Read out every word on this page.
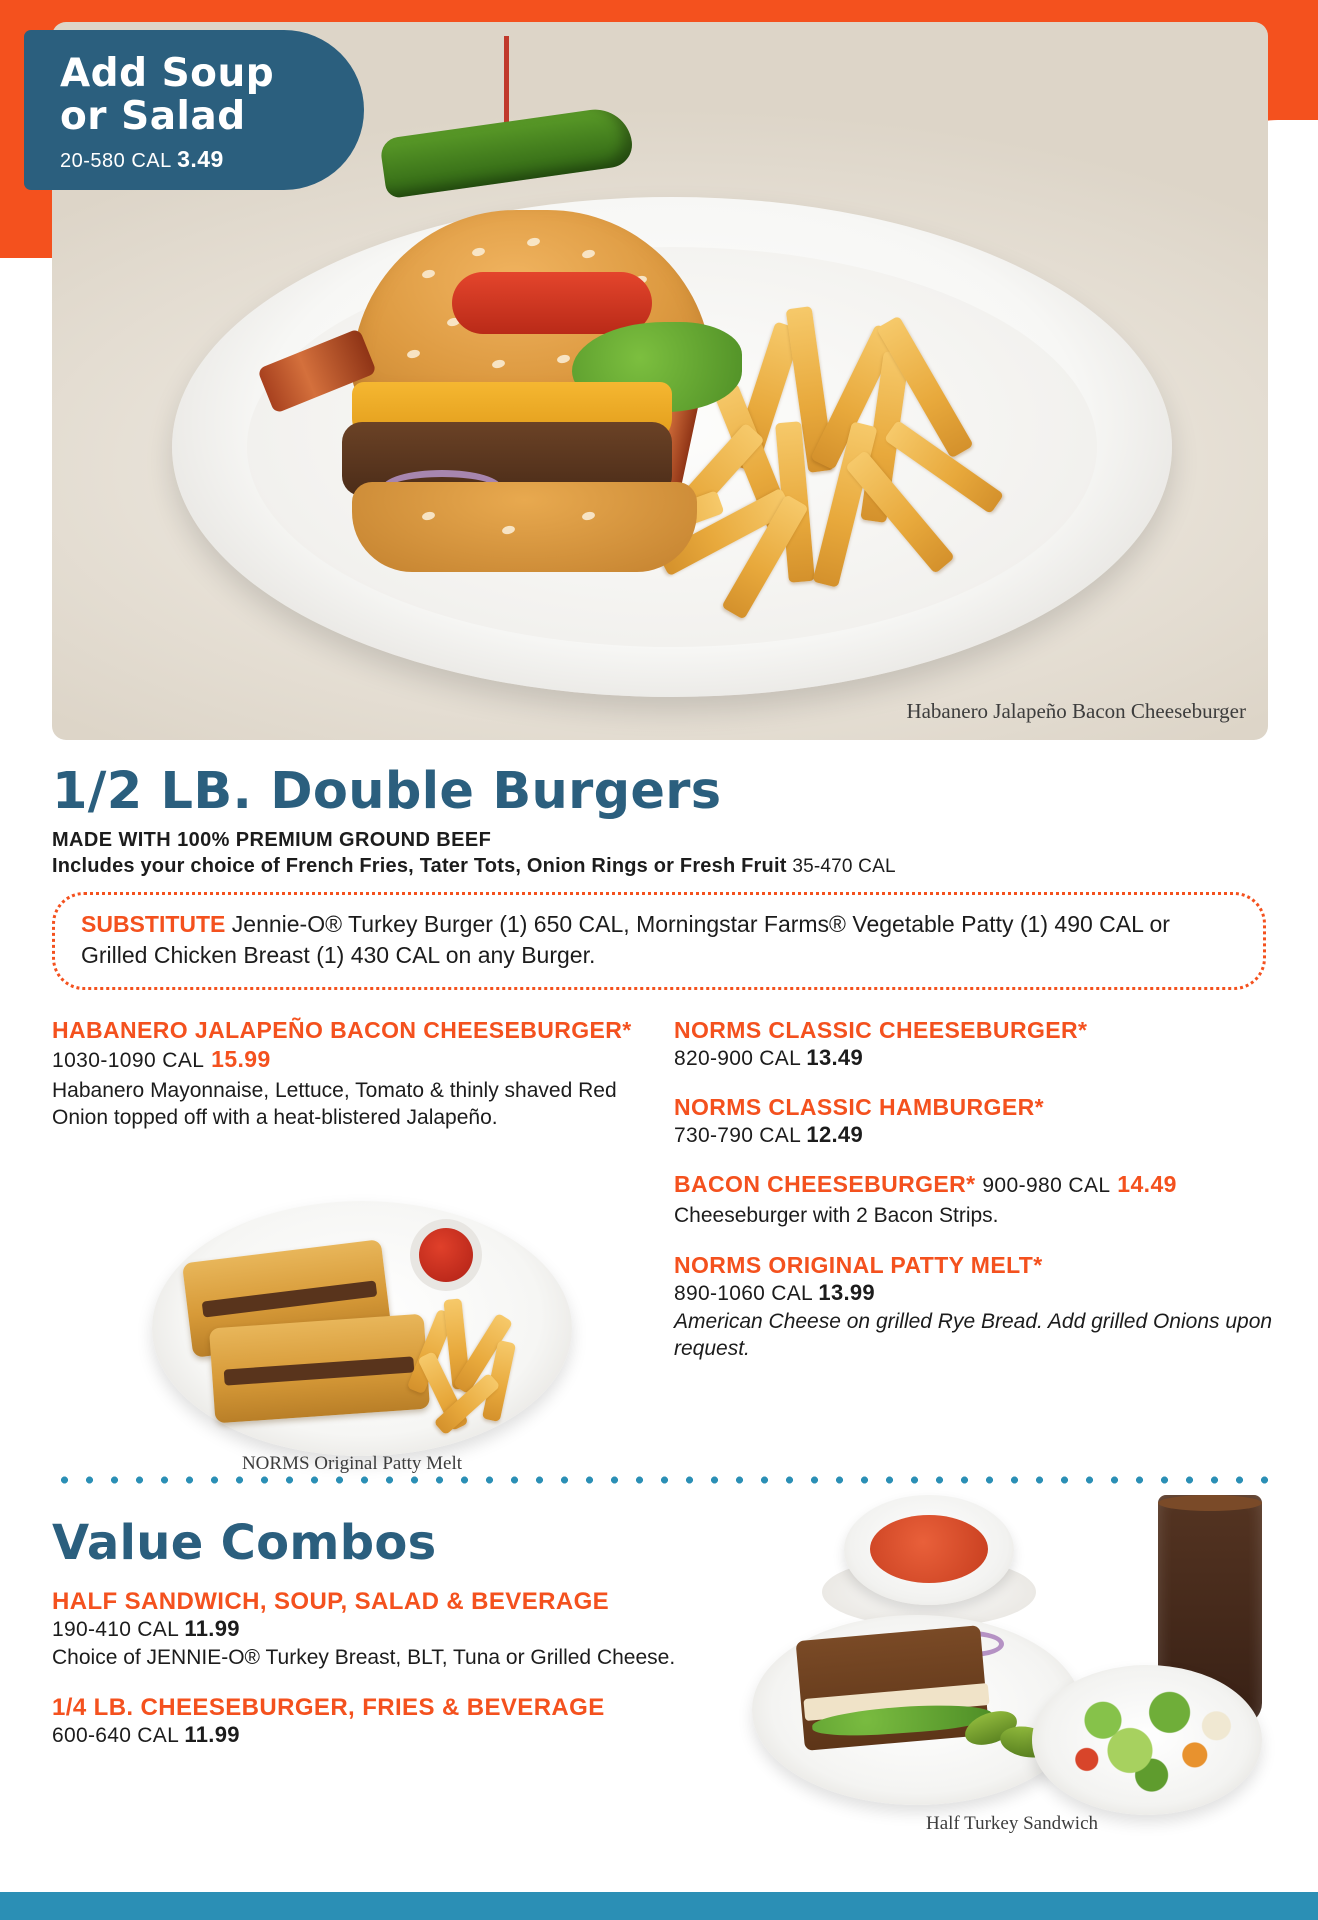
Habanero Jalapeño Bacon Cheeseburger
Add Soup
or Salad
20-580 CAL 3.49
1/2 LB. Double Burgers
MADE WITH 100% PREMIUM GROUND BEEF
Includes your choice of French Fries, Tater Tots, Onion Rings or Fresh Fruit 35-470 CAL
SUBSTITUTE Jennie-O® Turkey Burger (1) 650 CAL, Morningstar Farms® Vegetable Patty (1) 490 CAL or Grilled Chicken Breast (1) 430 CAL on any Burger.
HABANERO JALAPEÑO BACON CHEESEBURGER* 1030-1090 CAL 15.99
Habanero Mayonnaise, Lettuce, Tomato & thinly shaved Red Onion topped off with a heat-blistered Jalapeño.
NORMS Original Patty Melt
NORMS CLASSIC CHEESEBURGER*
820-900 CAL 13.49
NORMS CLASSIC HAMBURGER*
730-790 CAL 12.49
BACON CHEESEBURGER* 900-980 CAL 14.49
Cheeseburger with 2 Bacon Strips.
NORMS ORIGINAL PATTY MELT*
890-1060 CAL 13.99
American Cheese on grilled Rye Bread. Add grilled Onions upon request.
Value Combos
HALF SANDWICH, SOUP, SALAD & BEVERAGE
190-410 CAL 11.99
Choice of JENNIE-O® Turkey Breast, BLT, Tuna or Grilled Cheese.
1/4 LB. CHEESEBURGER, FRIES & BEVERAGE
600-640 CAL 11.99
Half Turkey Sandwich
